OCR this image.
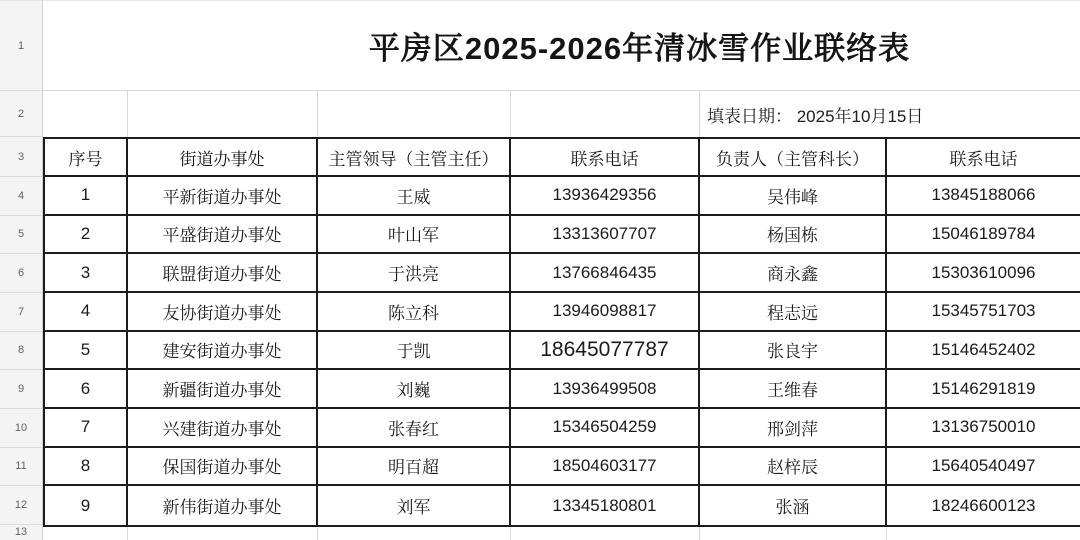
1
2
3
4
5
6
7
8
9
10
11
12
13
平房区2025-2026年清冰雪作业联络表
填表日期： 2025年10月15日
序号	街道办事处	主管领导（主管主任）	联系电话	负责人（主管科长）	联系电话
1	平新街道办事处	王威	13936429356	吴伟峰	13845188066
2	平盛街道办事处	叶山军	13313607707	杨国栋	15046189784
3	联盟街道办事处	于洪亮	13766846435	商永鑫	15303610096
4	友协街道办事处	陈立科	13946098817	程志远	15345751703
5	建安街道办事处	于凯	18645077787	张良宇	15146452402
6	新疆街道办事处	刘巍	13936499508	王维春	15146291819
7	兴建街道办事处	张春红	15346504259	邢剑萍	13136750010
8	保国街道办事处	明百超	18504603177	赵梓辰	15640540497
9	新伟街道办事处	刘军	13345180801	张涵	18246600123
